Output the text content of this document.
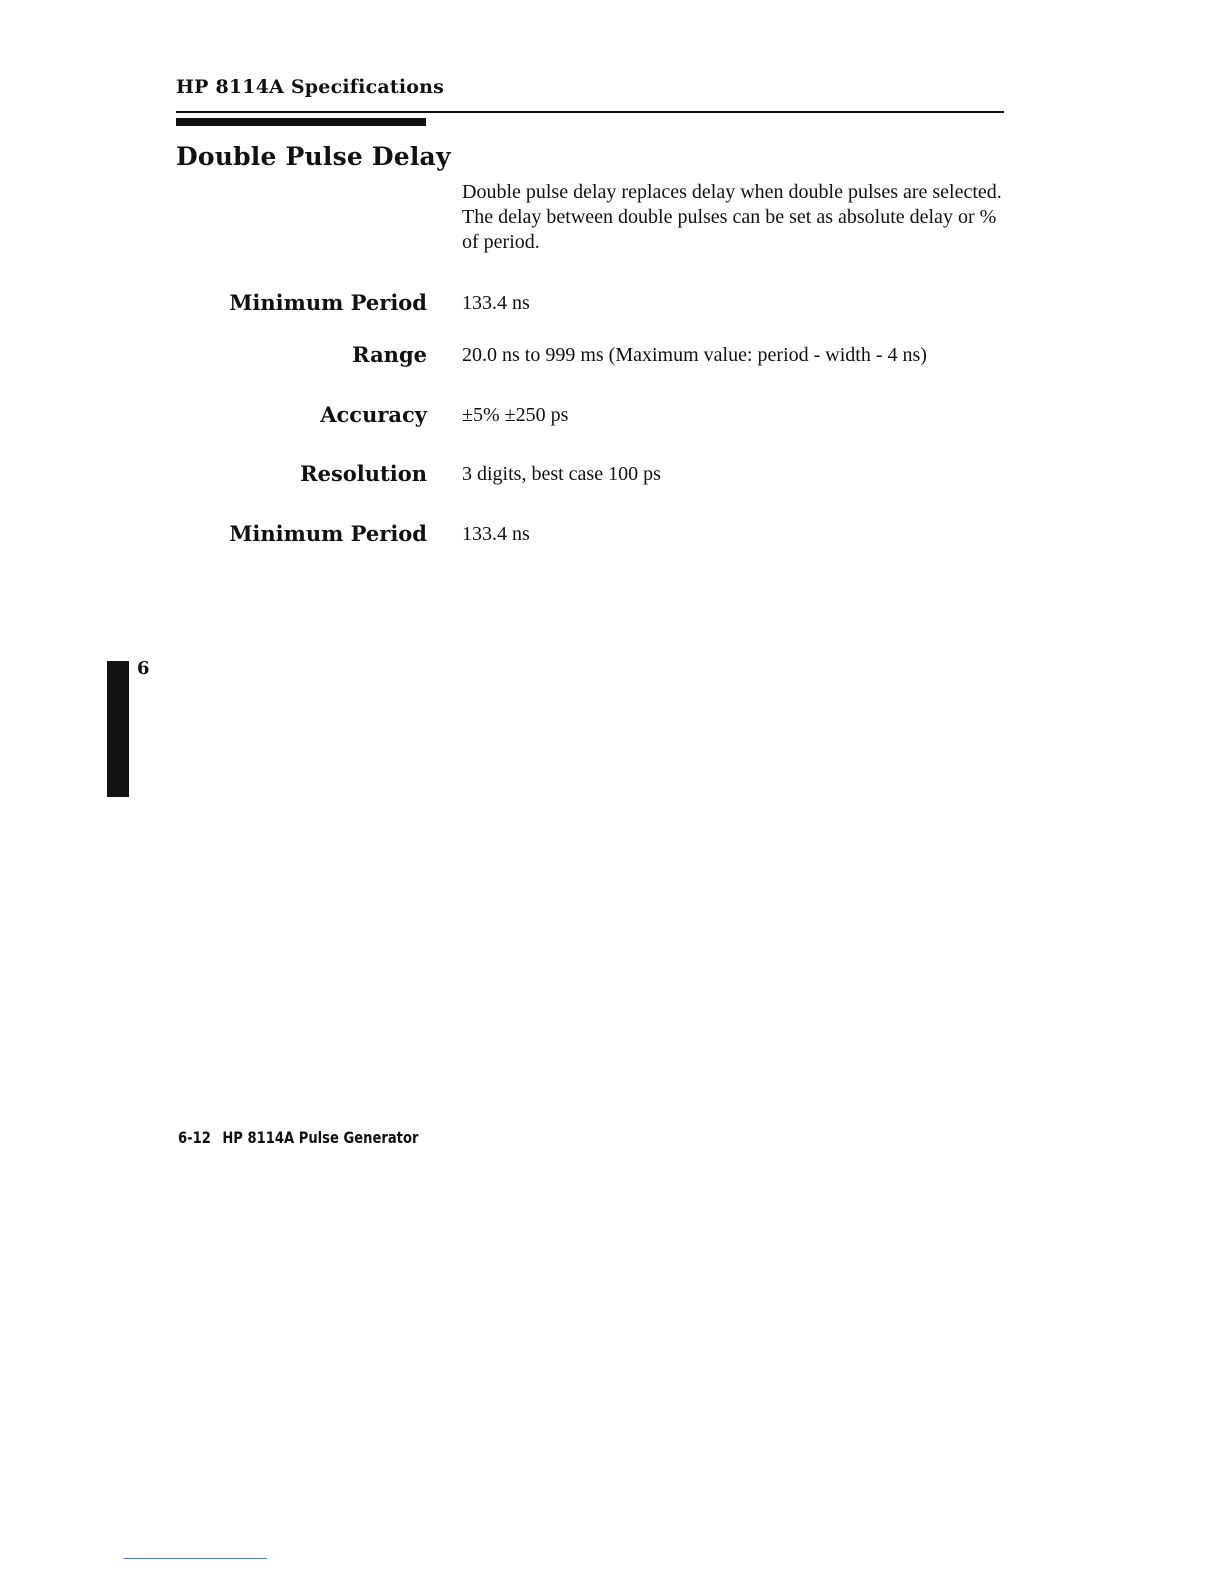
HP 8114A Specifications
Double Pulse Delay
Double pulse delay replaces delay when double pulses are selected. The delay between double pulses can be set as absolute delay or % of period.
Minimum Period 133.4 ns
Range 20.0 ns to 999 ms (Maximum value: period - width - 4 ns)
Accuracy ±5% ±250 ps
Resolution 3 digits, best case 100 ps
Minimum Period 133.4 ns
6
6-12 HP 8114A Pulse Generator
